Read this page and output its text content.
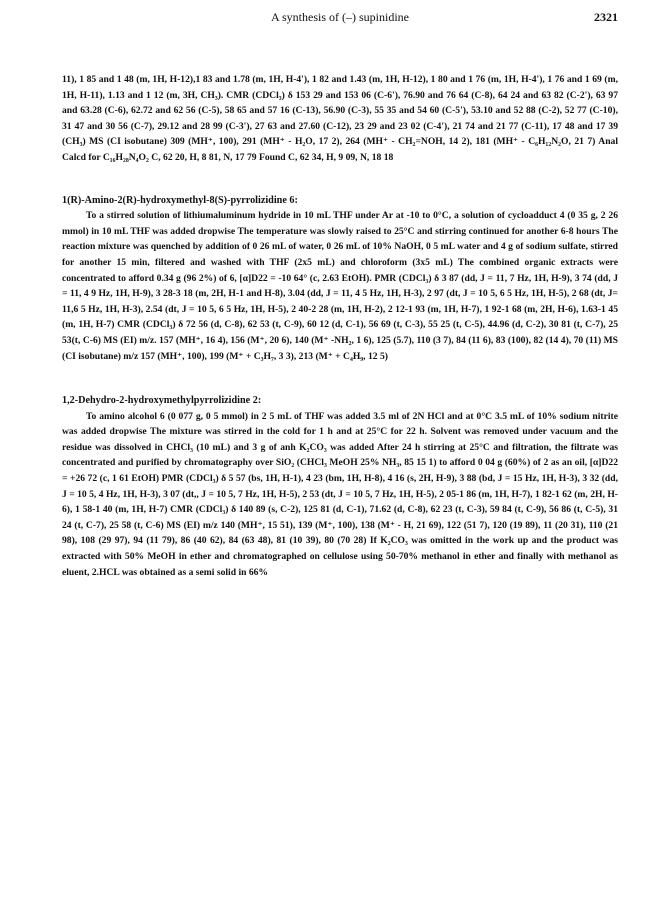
A synthesis of (–) supinidine	2321

11), 1 85 and 1 48 (m, 1H, H-12),1 83 and 1.78 (m, 1H, H-4'), 1 82 and 1.43 (m, 1H, H-12), 1 80 and 1 76 (m, 1H, H-4'), 1 76 and 1 69 (m, 1H, H-11), 1.13 and 1 12 (m, 3H, CH₃). CMR (CDCl₃) δ 153 29 and 153 06 (C-6'), 76.90 and 76 64 (C-8), 64 24 and 63 82 (C-2'), 63 97 and 63.28 (C-6), 62.72 and 62 56 (C-5), 58 65 and 57 16 (C-13), 56.90 (C-3), 55 35 and 54 60 (C-5'), 53.10 and 52 88 (C-2), 52 77 (C-10), 31 47 and 30 56 (C-7), 29.12 and 28 99 (C-3'), 27 63 and 27.60 (C-12), 23 29 and 23 02 (C-4'), 21 74 and 21 77 (C-11), 17 48 and 17 39 (CH₃) MS (CI isobutane) 309 (MH⁺, 100), 291 (MH⁺ - H₂O, 17 2), 264 (MH⁺ - CH₂=NOH, 14 2), 181 (MH⁺ - C₆H₁₂N₂O, 21 7) Anal Calcd for C₁₆H₂₈N₄O₂ C, 62 20, H, 8 81, N, 17 79 Found C, 62 34, H, 9 09, N, 18 18

1(R)-Amino-2(R)-hydroxymethyl-8(S)-pyrrolizidine 6:

To a stirred solution of lithiumaluminum hydride in 10 mL THF under Ar at -10 to 0°C, a solution of cycloadduct 4 (0 35 g, 2 26 mmol) in 10 mL THF was added dropwise The temperature was slowly raised to 25°C and stirring continued for another 6-8 hours The reaction mixture was quenched by addition of 0 26 mL of water, 0 26 mL of 10% NaOH, 0 5 mL water and 4 g of sodium sulfate, stirred for another 15 min, filtered and washed with THF (2x5 mL) and chloroform (3x5 mL) The combined organic extracts were concentrated to afford 0.34 g (96 2%) of 6, [α]D22 = -10 64° (c, 2.63 EtOH). PMR (CDCl₃) δ 3 87 (dd, J = 11, 7 Hz, 1H, H-9), 3 74 (dd, J = 11, 4 9 Hz, 1H, H-9), 3 28-3 18 (m, 2H, H-1 and H-8), 3.04 (dd, J = 11, 4 5 Hz, 1H, H-3), 2 97 (dt, J = 10 5, 6 5 Hz, 1H, H-5), 2 68 (dt, J= 11,6 5 Hz, 1H, H-3), 2.54 (dt, J = 10 5, 6 5 Hz, 1H, H-5), 2 40-2 28 (m, 1H, H-2), 2 12-1 93 (m, 1H, H-7), 1 92-1 68 (m, 2H, H-6), 1.63-1 45 (m, 1H, H-7) CMR (CDCl₃) δ 72 56 (d, C-8), 62 53 (t, C-9), 60 12 (d, C-1), 56 69 (t, C-3), 55 25 (t, C-5), 44.96 (d, C-2), 30 81 (t, C-7), 25 53(t, C-6) MS (EI) m/z. 157 (MH⁺, 16 4), 156 (M⁺, 20 6), 140 (M⁺ -NH₂, 1 6), 125 (5.7), 110 (3 7), 84 (11 6), 83 (100), 82 (14 4), 70 (11) MS (CI isobutane) m/z 157 (MH⁺, 100), 199 (M⁺ + C₃H₇, 3 3), 213 (M⁺ + C₄H₉, 12 5)

1,2-Dehydro-2-hydroxymethylpyrrolizidine 2:

To amino alcohol 6 (0 077 g, 0 5 mmol) in 2 5 mL of THF was added 3.5 ml of 2N HCl and at 0°C 3.5 mL of 10% sodium nitrite was added dropwise The mixture was stirred in the cold for 1 h and at 25°C for 22 h. Solvent was removed under vacuum and the residue was dissolved in CHCl₃ (10 mL) and 3 g of anh K₂CO₃ was added After 24 h stirring at 25°C and filtration, the filtrate was concentrated and purified by chromatography over SiO₂ (CHCl₃ MeOH 25% NH₃, 85 15 1) to afford 0 04 g (60%) of 2 as an oil, [α]D22 = +26 72 (c, 1 61 EtOH) PMR (CDCl₃) δ 5 57 (bs, 1H, H-1), 4 23 (bm, 1H, H-8), 4 16 (s, 2H, H-9), 3 88 (bd, J = 15 Hz, 1H, H-3), 3 32 (dd, J = 10 5, 4 Hz, 1H, H-3), 3 07 (dt,, J = 10 5, 7 Hz, 1H, H-5), 2 53 (dt, J = 10 5, 7 Hz, 1H, H-5), 2 05-1 86 (m, 1H, H-7), 1 82-1 62 (m, 2H, H-6), 1 58-1 40 (m, 1H, H-7) CMR (CDCl₃) δ 140 89 (s, C-2), 125 81 (d, C-1), 71.62 (d, C-8), 62 23 (t, C-3), 59 84 (t, C-9), 56 86 (t, C-5), 31 24 (t, C-7), 25 58 (t, C-6) MS (EI) m/z 140 (MH⁺, 15 51), 139 (M⁺, 100), 138 (M⁺ - H, 21 69), 122 (51 7), 120 (19 89), 11 (20 31), 110 (21 98), 108 (29 97), 94 (11 79), 86 (40 62), 84 (63 48), 81 (10 39), 80 (70 28) If K₂CO₃ was omitted in the work up and the product was extracted with 50% MeOH in ether and chromatographed on cellulose using 50-70% methanol in ether and finally with methanol as eluent, 2.HCL was obtained as a semi solid in 66%
